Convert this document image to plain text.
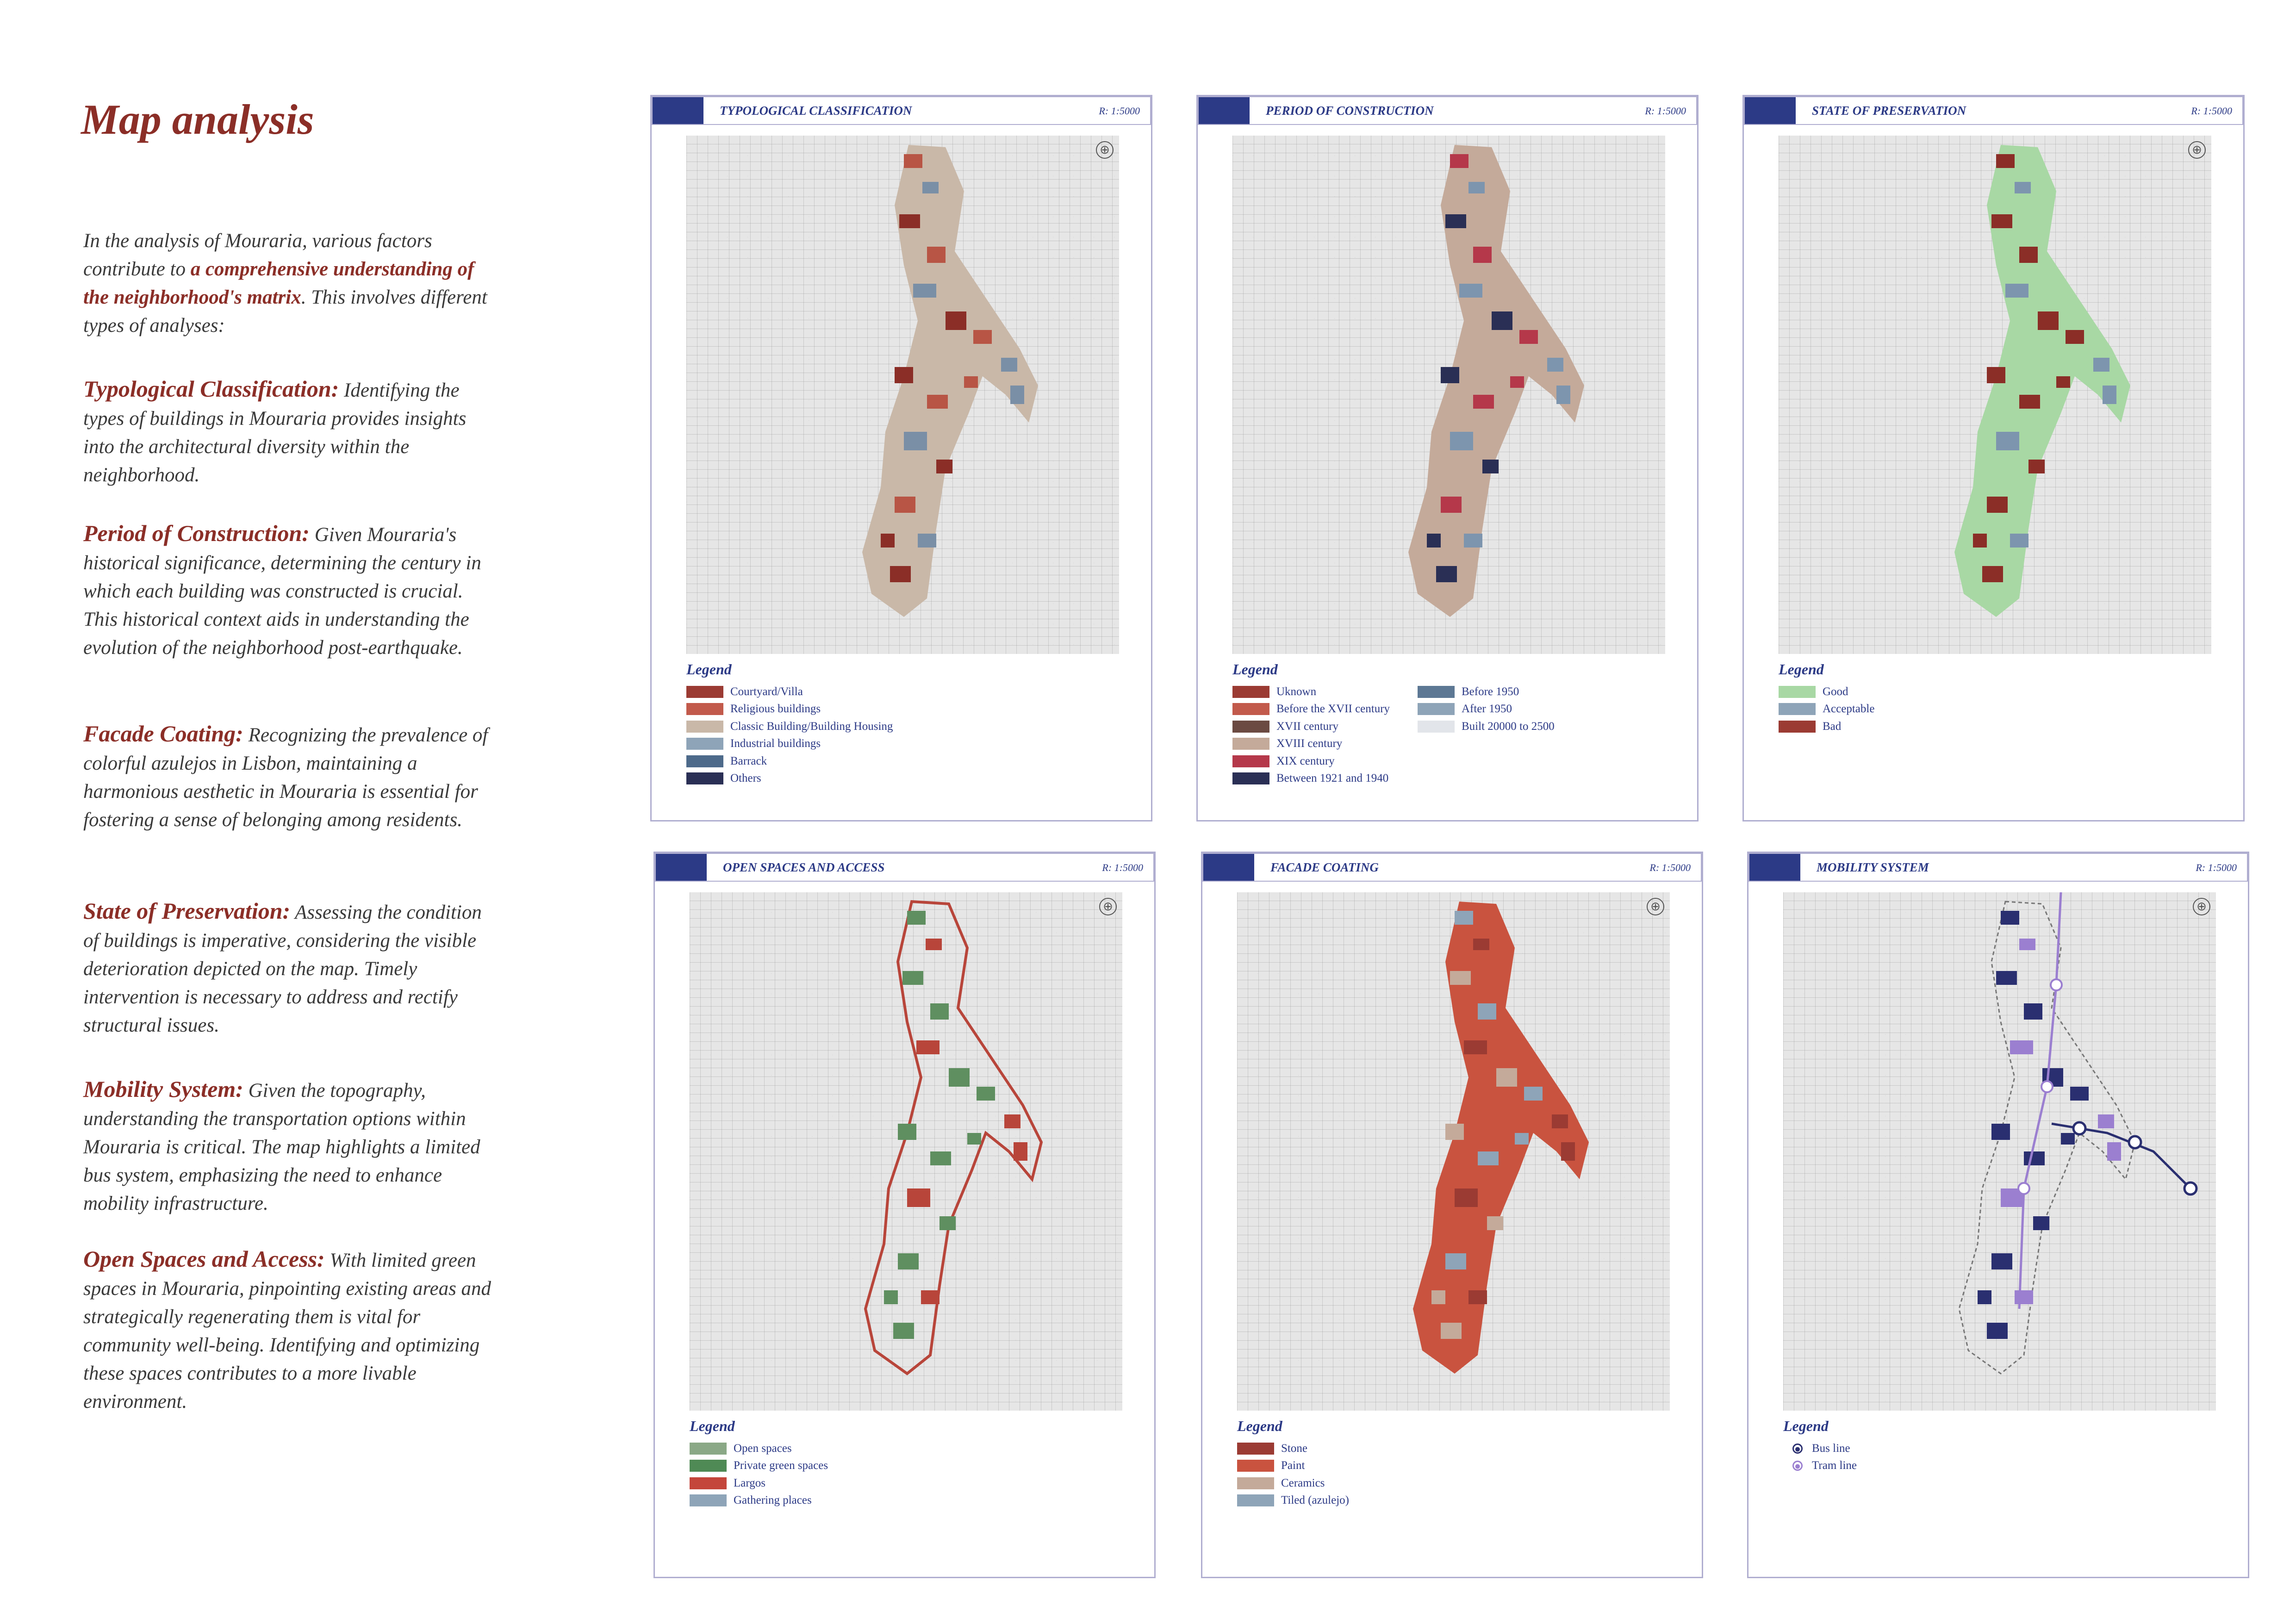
Map analysis

In the analysis of Mouraria, various factors contribute to a comprehensive understanding of the neighborhood's matrix. This involves different types of analyses:

Typological Classification: Identifying the types of buildings in Mouraria provides insights into the architectural diversity within the neighborhood.

Period of Construction: Given Mouraria's historical significance, determining the century in which each building was constructed is crucial. This historical context aids in understanding the evolution of the neighborhood post-earthquake.

Facade Coating: Recognizing the prevalence of colorful azulejos in Lisbon, maintaining a harmonious aesthetic in Mouraria is essential for fostering a sense of belonging among residents.

State of Preservation: Assessing the condition of buildings is imperative, considering the visible deterioration depicted on the map. Timely intervention is necessary to address and rectify structural issues.

Mobility System: Given the topography, understanding the transportation options within Mouraria is critical. The map highlights a limited bus system, emphasizing the need to enhance mobility infrastructure.

Open Spaces and Access: With limited green spaces in Mouraria, pinpointing existing areas and strategically regenerating them is vital for community well-being. Identifying and optimizing these spaces contributes to a more livable environment.

TYPOLOGICAL CLASSIFICATION	R: 1:5000
⊕
Legend
Courtyard/Villa
Religious buildings
Classic Building/Building Housing
Industrial buildings
Barrack
Others
PERIOD OF CONSTRUCTION	R: 1:5000
Legend
Uknown
Before the XVII century
XVII century
XVIII century
XIX century
Between 1921 and 1940
Before 1950
After 1950
Built 20000 to 2500
STATE OF PRESERVATION	R: 1:5000
⊕
Legend
Good
Acceptable
Bad
OPEN SPACES AND ACCESS	R: 1:5000
⊕
Legend
Open spaces
Private green spaces
Largos
Gathering places
FACADE COATING	R: 1:5000
⊕
Legend
Stone
Paint
Ceramics
Tiled (azulejo)
MOBILITY SYSTEM	R: 1:5000
⊕
Legend
● Bus line
● Tram line
